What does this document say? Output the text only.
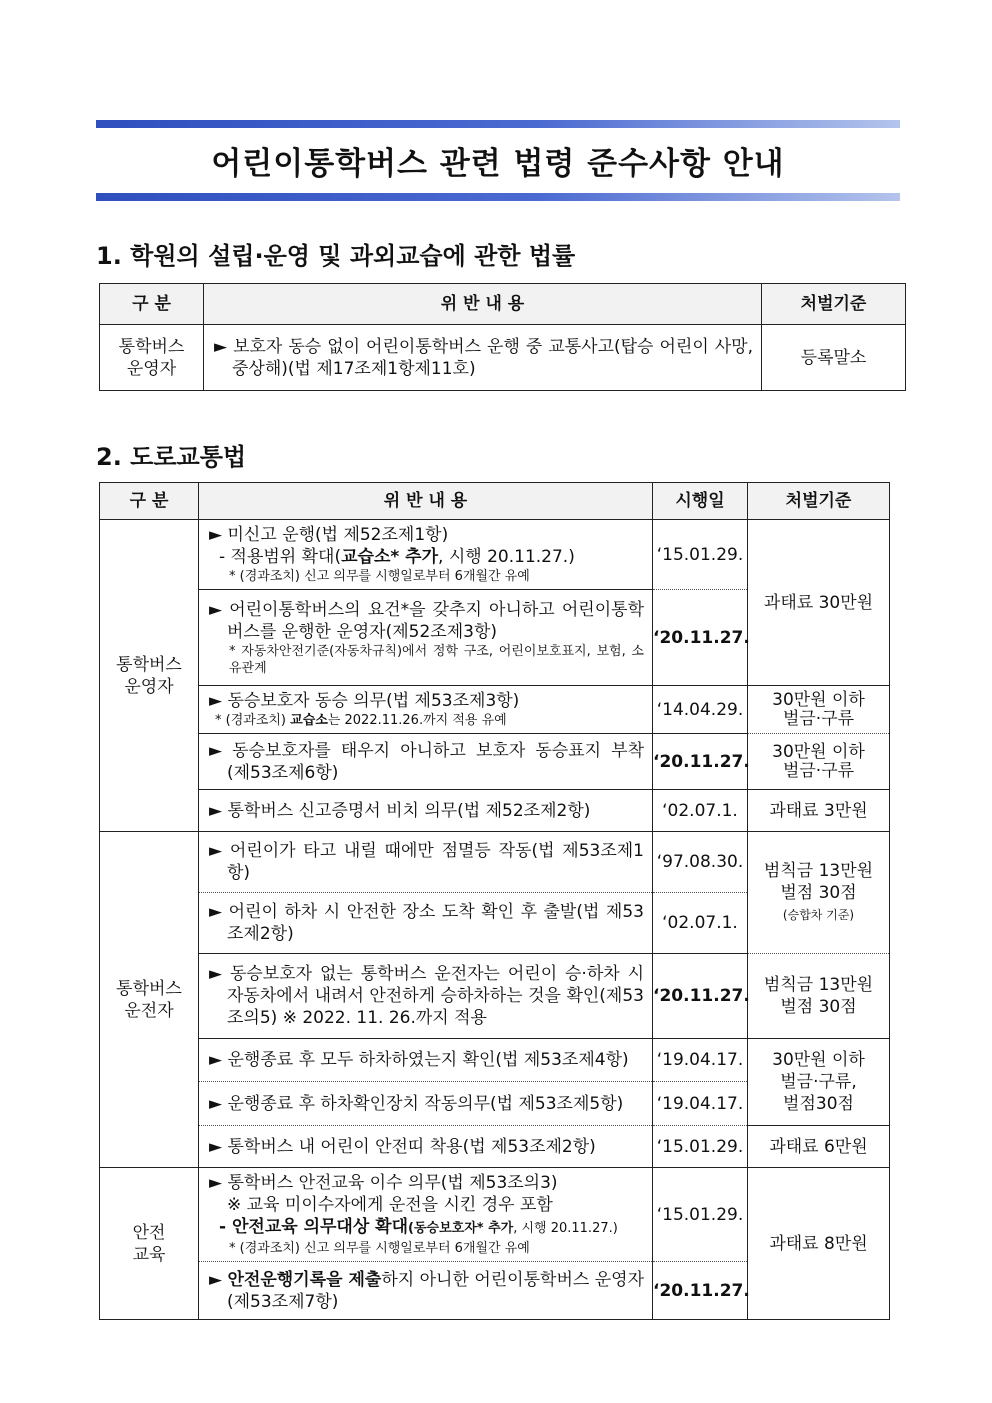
어린이통학버스 관련 법령 준수사항 안내
1. 학원의 설립·운영 및 과외교습에 관한 법률
구 분	위 반 내 용	처벌기준

통학버스 운영자	► 보호자 동승 없이 어린이통학버스 운행 중 교통사고(탑승 어린이 사망, 중상해)(법 제17조제1항제11호)	등록말소
2. 도로교통법
구 분	위 반 내 용	시행일	처벌기준

통학버스 운영자	► 미신고 운행(법 제52조제1항)
- 적용범위 확대(교습소* 추가, 시행 20.11.27.)
* (경과조치) 신고 의무를 시행일로부터 6개월간 유예	‘15.01.29.	과태료 30만원

	► 어린이통학버스의 요건*을 갖추지 아니하고 어린이통학버스를 운행한 운영자(제52조제3항)
* 자동차안전기준(자동차규칙)에서 정학 구조, 어린이보호표지, 보험, 소유관계	‘20.11.27.	

	► 동승보호자 동승 의무(법 제53조제3항)
* (경과조치) 교습소는 2022.11.26.까지 적용 유예	‘14.04.29.	30만원 이하 벌금·구류

	► 동승보호자를 태우지 아니하고 보호자 동승표지 부착 (제53조제6항)	‘20.11.27.	30만원 이하 벌금·구류

	► 통학버스 신고증명서 비치 의무(법 제52조제2항)	‘02.07.1.	과태료 3만원

통학버스 운전자	► 어린이가 타고 내릴 때에만 점멸등 작동(법 제53조제1항)	‘97.08.30.	범칙금 13만원
벌점 30점
(승합차 기준)

	► 어린이 하차 시 안전한 장소 도착 확인 후 출발(법 제53조제2항)	‘02.07.1.	

	► 동승보호자 없는 통학버스 운전자는 어린이 승·하차 시 자동차에서 내려서 안전하게 승하차하는 것을 확인(제53조의5) ※ 2022. 11. 26.까지 적용	‘20.11.27.	범칙금 13만원
벌점 30점

	► 운행종료 후 모두 하차하였는지 확인(법 제53조제4항)	‘19.04.17.	30만원 이하
벌금·구류,
벌점30점

	► 운행종료 후 하차확인장치 작동의무(법 제53조제5항)	‘19.04.17.	

	► 통학버스 내 어린이 안전띠 착용(법 제53조제2항)	‘15.01.29.	과태료 6만원

안전 교육	► 통학버스 안전교육 이수 의무(법 제53조의3)
※ 교육 미이수자에게 운전을 시킨 경우 포함
- 안전교육 의무대상 확대(동승보호자* 추가, 시행 20.11.27.)
* (경과조치) 신고 의무를 시행일로부터 6개월간 유예	‘15.01.29.	과태료 8만원

	► 안전운행기록을 제출하지 아니한 어린이통학버스 운영자(제53조제7항)	‘20.11.27.	
